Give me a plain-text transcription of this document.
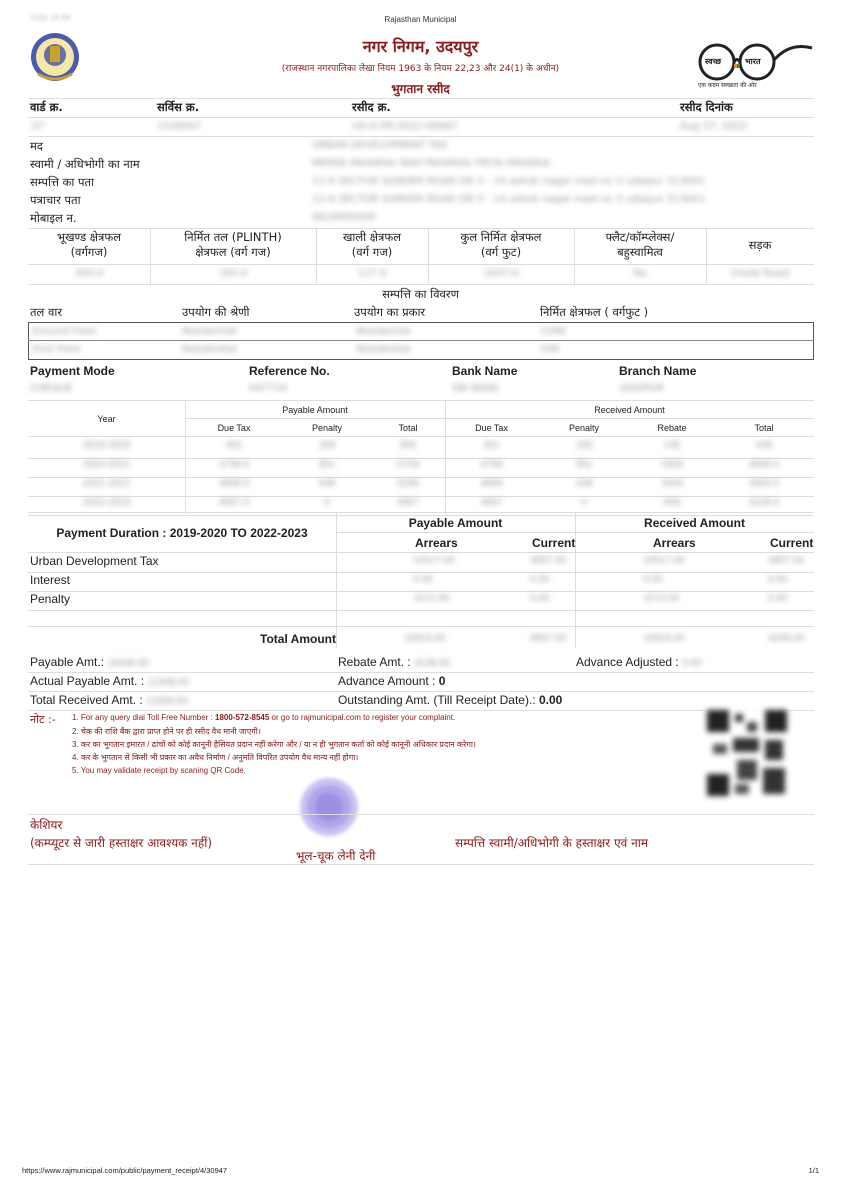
7/25/ 15:50	Rajasthan Municipal
https://www.rajmunicipal.com/public/payment_receipt/4/30947	1/1
स्वच्छ	भारत
एक कदम स्वच्छता की ओर
नगर निगम, उदयपुर
(राजस्थान नगरपालिका लेखा नियम 1963 के नियम 22,23 और 24(1) के अधीन)
भुगतान रसीद
वार्ड क्र.	सर्विस क्र.	रसीद क्र.	रसीद दिनांक
07	1530047	UD-0-PR-2022-00687	Aug 27, 2022
मद	URBAN DEVELOPMENT TAX
स्वामी / अधिभोगी का नाम	MEERA PAHARIA/ RAVI PAHARIA/ PRIYA PAHARIA
सम्पत्ति का पता	12-A SECTOR SUNDER ROAD DE-3 - 14 ashok nagar road no 3 udaipur 313001
पत्राचार पता	12-A SECTOR SUNDER ROAD DE-3 - 14 ashok nagar road no 3 udaipur 313001
मोबाइल न.	9829000000
भूखण्ड क्षेत्रफल
(वर्गगज)
निर्मित तल (PLINTH)
क्षेत्रफल (वर्ग गज)
खाली क्षेत्रफल
(वर्ग गज)
कुल निर्मित क्षेत्रफल
(वर्ग फुट)
फ्लैट/कॉम्प्लेक्स/
बहुस्वामित्व	सड़क
300.0	183.0	117.0	1647.0	No	Inside Road
सम्पत्ति का विवरण
तल वार	उपयोग की श्रेणी	उपयोग का प्रकार	निर्मित क्षेत्रफल ( वर्गफुट )
Ground Floor	Residential	Residential	1098
First Floor	Residential	Residential	549
Payment Mode	Reference No.	Bank Name	Branch Name
CHEQUE	047716	SBI BANK	UDAIPUR
Year
Payable Amount	Received Amount
Due Tax	Penalty	Total	Due Tax	Penalty	Rebate	Total
2019-2020	401	183	584	401	183	135	449
2020-2021	4758.0	951	5709	4758	951	1903	3806.0
2021-2022	4858.0	438	5296	4858	438	1943	3353.0
2022-2023	4857.0	0	4857	4857	0	608	4249.0
Payment Duration : 2019-2020 TO 2022-2023
Payable Amount	Received Amount
Arrears	Current	Arrears	Current
Urban Development Tax	10017.00	4857.00	10017.00	4857.00
Interest	0.00	0.00	0.00	0.00
Penalty	1572.00	0.00	1572.00	0.00
Total Amount	10919.00	4857.00	10919.00	4249.00
Payable Amt.: 16446.00	Rebate Amt. : 4138.00	Advance Adjusted : 0.00
Actual Payable Amt. : 12308.00	Advance Amount : 0
Total Received Amt. : 12308.00	Outstanding Amt. (Till Receipt Date).: 0.00
नोट :- 1. For any query dial Toll Free Number : 1800-572-8545 or go to rajmunicipal.com to register your complaint.
2. चेक की राशि बैंक द्वारा प्राप्त होने पर ही रसीद वैध मानी जाएगी।
3. कर का भुगतान इमारत / ढांचों को कोई कानूनी हैसियत प्रदान नहीं करेगा और / या न ही भुगतान कर्ता को कोई कानूनी अधिकार प्रदान करेगा।
4. कर के भुगतान से किसी भी प्रकार का अवैध निर्माण / अनुमति विपरित उपयोग वैध मान्य नहीं होगा।
5. You may validate receipt by scaning QR Code.
केशियर
(कम्प्यूटर से जारी हस्ताक्षर आवश्यक नहीं)
भूल-चूक लेनी देनी
सम्पत्ति स्वामी/अधिभोगी के हस्ताक्षर एवं नाम
